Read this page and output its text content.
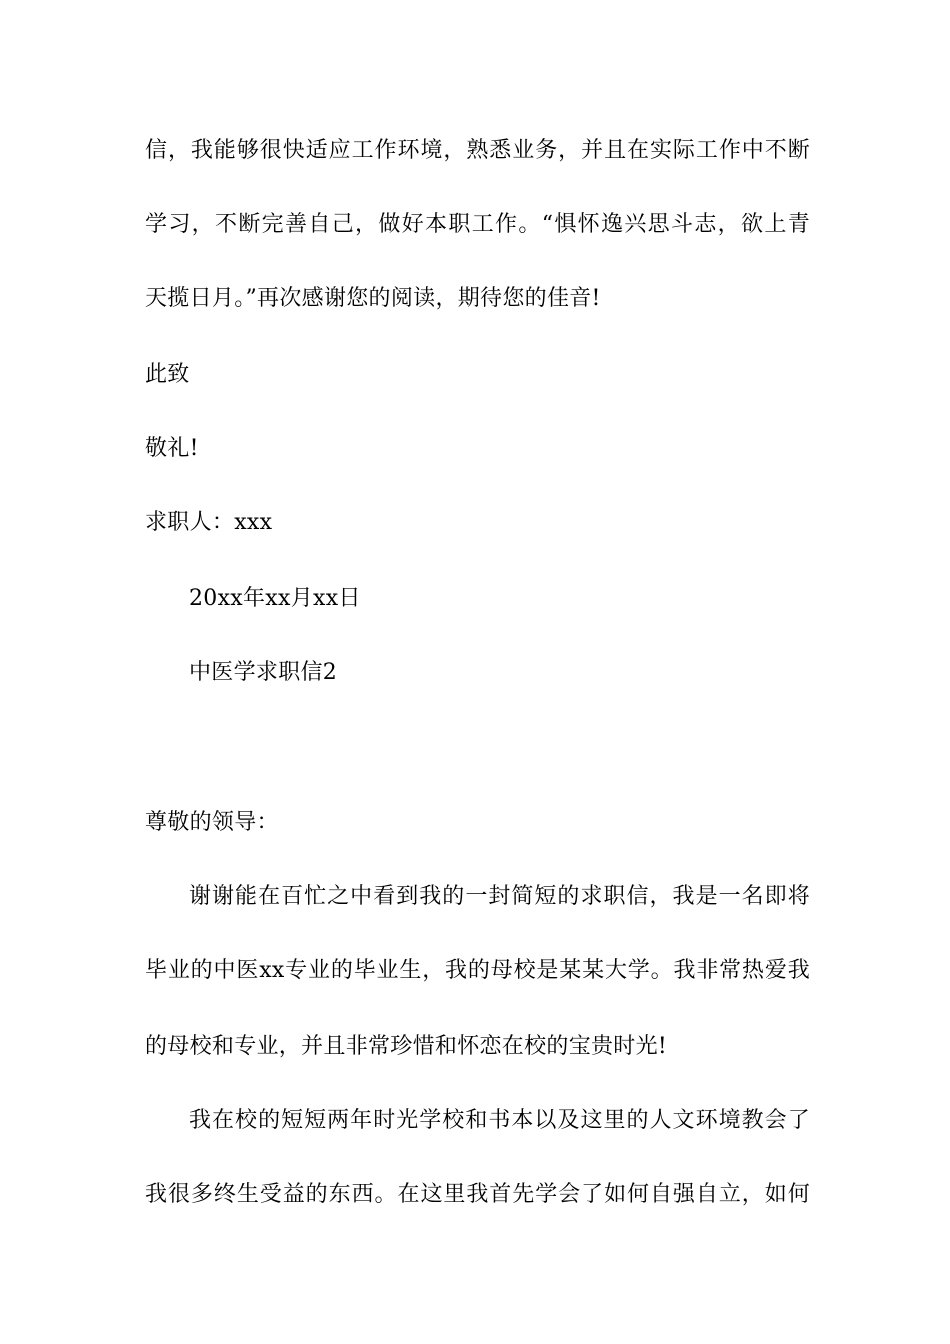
信，我能够很快适应工作环境，熟悉业务，并且在实际工作中不断
学习，不断完善自己，做好本职工作。“惧怀逸兴思斗志，欲上青
天揽日月。”再次感谢您的阅读，期待您的佳音!
此致
敬礼!
求职人：xxx
20xx年xx月xx日
中医学求职信2
尊敬的领导：
谢谢能在百忙之中看到我的一封简短的求职信，我是一名即将
毕业的中医xx专业的毕业生，我的母校是某某大学。我非常热爱我
的母校和专业，并且非常珍惜和怀恋在校的宝贵时光!
我在校的短短两年时光学校和书本以及这里的人文环境教会了
我很多终生受益的东西。在这里我首先学会了如何自强自立，如何
